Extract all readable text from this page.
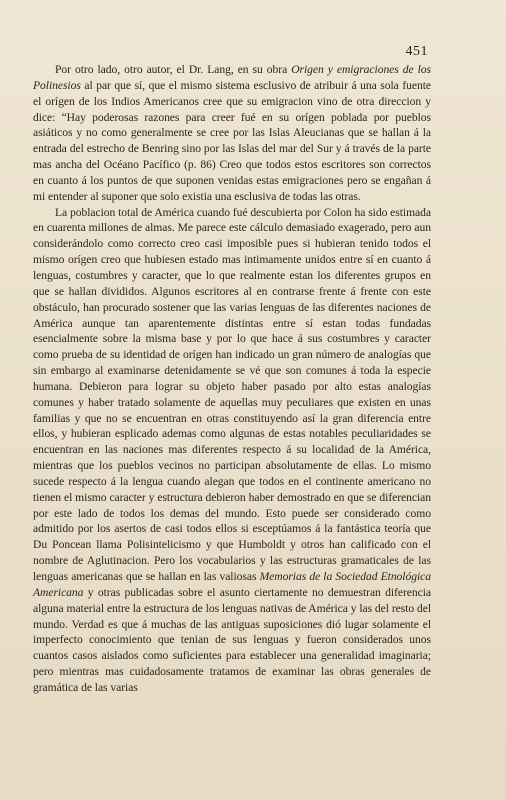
451

Por otro lado, otro autor, el Dr. Lang, en su obra Origen y emigraciones de los Polinesios al par que sí, que el mismo sistema esclusivo de atribuir á una sola fuente el orígen de los Indios Americanos cree que su emigracion vino de otra direccion y dice: “Hay poderosas razones para creer fué en su orígen poblada por pueblos asiáticos y no como generalmente se cree por las Islas Aleucianas que se hallan á la entrada del estrecho de Benring sino por las Islas del mar del Sur y á través de la parte mas ancha del Océano Pacífico (p. 86) Creo que todos estos escritores son correctos en cuanto á los puntos de que suponen venidas estas emigraciones pero se engañan á mi entender al suponer que solo existia una esclusiva de todas las otras.

La poblacion total de América cuando fué descubierta por Colon ha sido estimada en cuarenta millones de almas. Me parece este cálculo demasiado exagerado, pero aun considerándolo como correcto creo casi imposible pues si hubieran tenido todos el mismo orígen creo que hubiesen estado mas intimamente unidos entre sí en cuanto á lenguas, costumbres y caracter, que lo que realmente estan los diferentes grupos en que se hallan divididos. Algunos escritores al en contrarse frente á frente con este obstáculo, han procurado sostener que las varias lenguas de las diferentes naciones de América aunque tan aparentemente distintas entre sí estan todas fundadas esencialmente sobre la misma base y por lo que hace á sus costumbres y caracter como prueba de su identidad de orígen han indicado un gran número de analogías que sin embargo al examinarse detenidamente se vé que son comunes á toda la especie humana. Debieron para lograr su objeto haber pasado por alto estas analogías comunes y haber tratado solamente de aquellas muy peculiares que existen en unas familias y que no se encuentran en otras constituyendo así la gran diferencia entre ellos, y hubieran esplicado ademas como algunas de estas notables peculiaridades se encuentran en las naciones mas diferentes respecto á su localidad de la América, mientras que los pueblos vecinos no participan absolutamente de ellas. Lo mismo sucede respecto á la lengua cuando alegan que todos en el continente americano no tienen el mismo caracter y estructura debieron haber demostrado en que se diferencian por este lado de todos los demas del mundo. Esto puede ser considerado como admitido por los asertos de casi todos ellos si esceptúamos á la fantástica teoría que Du Poncean llama Polisintelicismo y que Humboldt y otros han calificado con el nombre de Aglutinacion. Pero los vocabularios y las estructuras gramaticales de las lenguas americanas que se hallan en las valiosas Memorias de la Sociedad Etnológica Americana y otras publicadas sobre el asunto ciertamente no demuestran diferencia alguna material entre la estructura de los lenguas nativas de América y las del resto del mundo. Verdad es que á muchas de las antiguas suposiciones dió lugar solamente el imperfecto conocimiento que tenian de sus lenguas y fueron considerados unos cuantos casos aislados como suficientes para establecer una generalidad imaginaria; pero mientras mas cuidadosamente tratamos de examinar las obras generales de gramática de las varias
